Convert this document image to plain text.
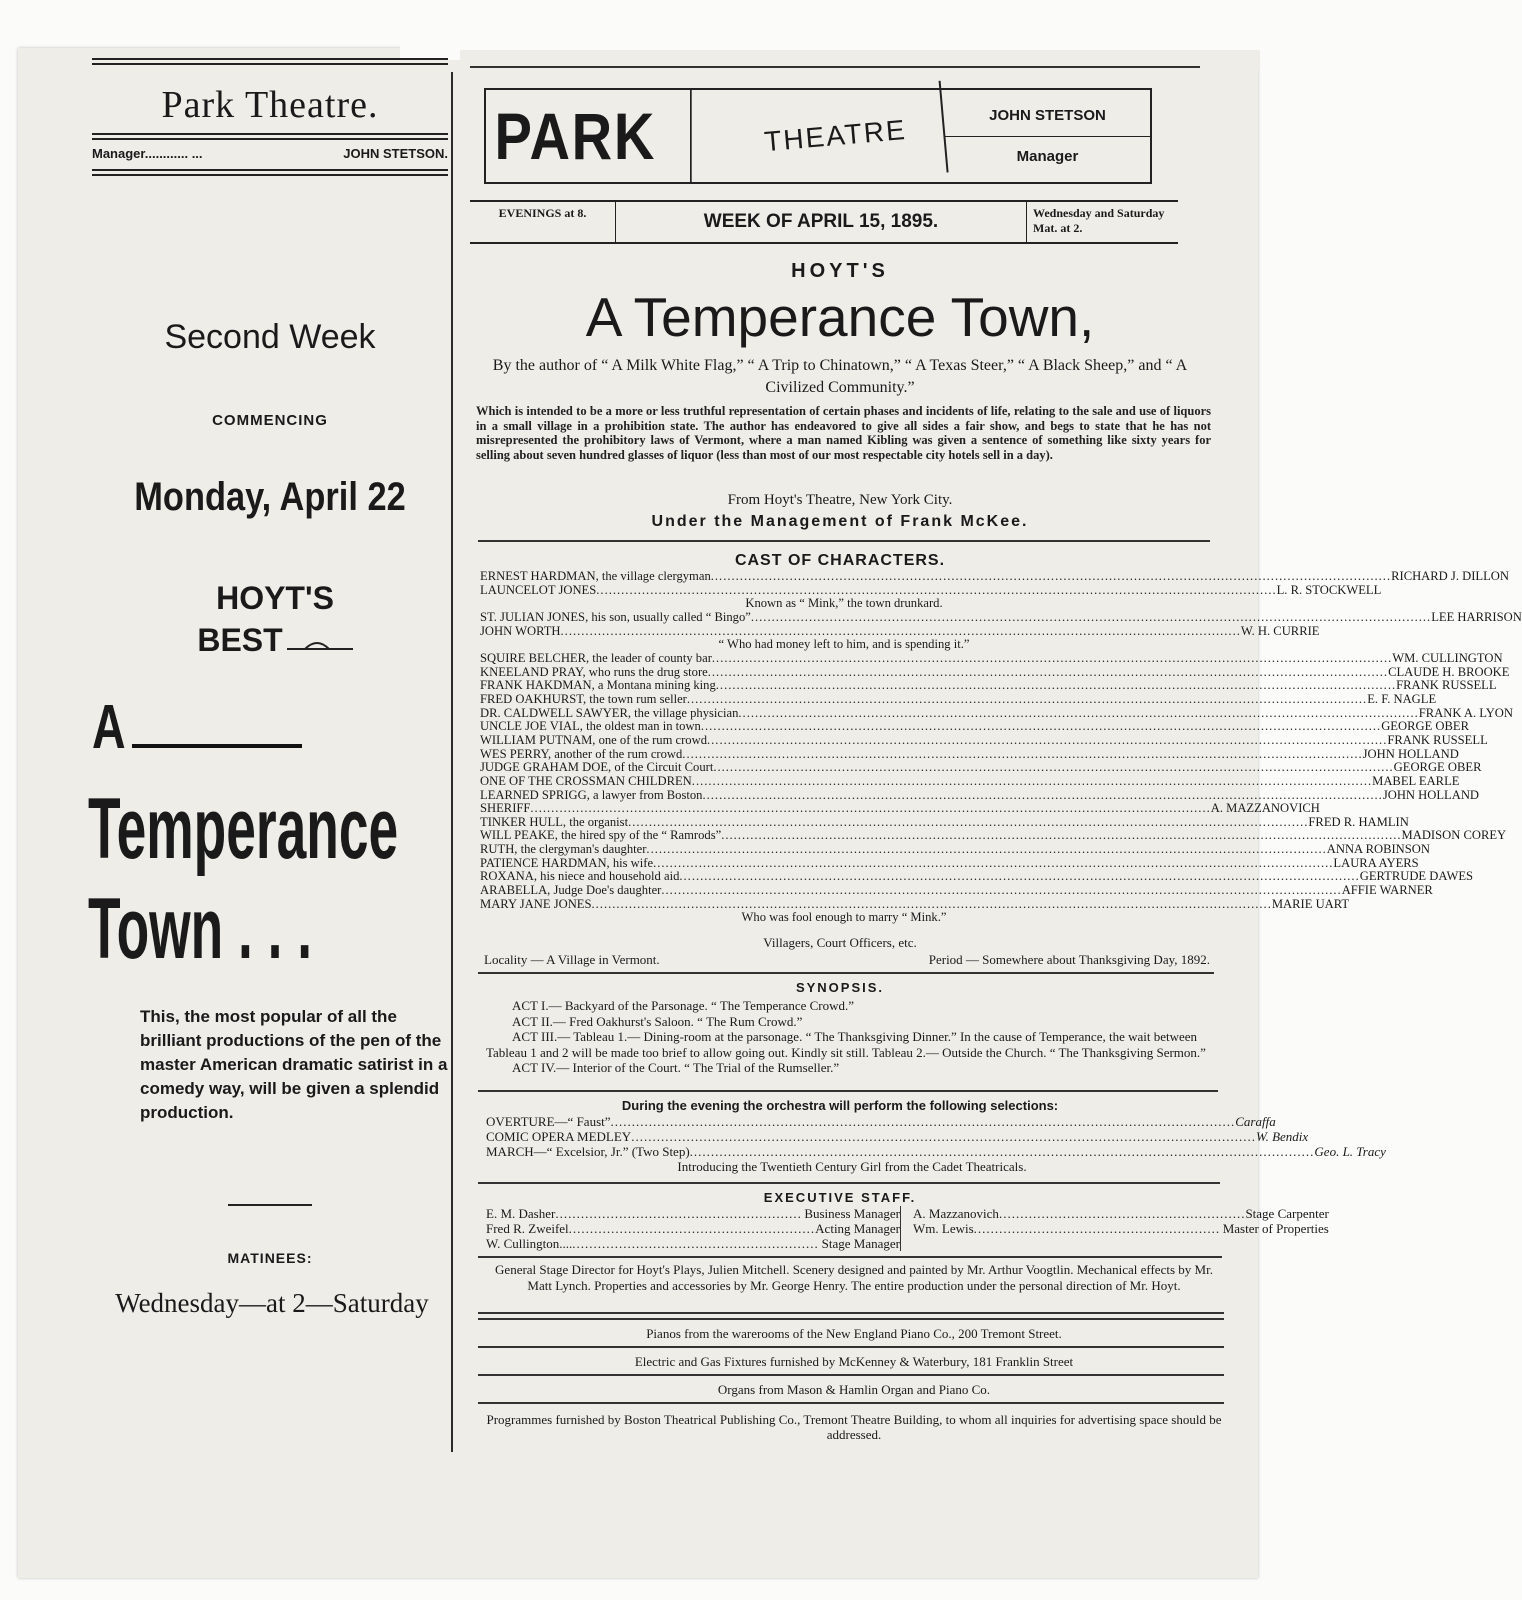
Park Theatre.
Manager............ ...	JOHN STETSON.
Second Week
COMMENCING
Monday, April 22
HOYT'S
BEST
A
Temperance
Town . . .
This, the most popular of all the brilliant productions of the pen of the master American dramatic satirist in a comedy way, will be given a splendid production.
MATINEES:
Wednesday—at 2—Saturday
PARK	THEATRE	JOHN STETSON
Manager
EVENINGS at 8.	WEEK OF APRIL 15, 1895.	Wednesday and Saturday Mat. at 2.
HOYT'S
A Temperance Town,
By the author of “ A Milk White Flag,” “ A Trip to Chinatown,” “ A Texas Steer,” “ A Black Sheep,” and “ A Civilized Community.”
Which is intended to be a more or less truthful representation of certain phases and incidents of life, relating to the sale and use of liquors in a small village in a prohibition state. The author has endeavored to give all sides a fair show, and begs to state that he has not misrepresented the prohibitory laws of Vermont, where a man named Kibling was given a sentence of something like sixty years for selling about seven hundred glasses of liquor (less than most of our most respectable city hotels sell in a day).
From Hoyt's Theatre, New York City.
Under the Management of Frank McKee.
CAST OF CHARACTERS.
ERNEST HARDMAN, the village clergyman .....	RICHARD J. DILLON
LAUNCELOT JONES .....	L. R. STOCKWELL
Known as “ Mink,” the town drunkard.
ST. JULIAN JONES, his son, usually called “ Bingo” .....	LEE HARRISON
JOHN WORTH .....	W. H. CURRIE
“ Who had money left to him, and is spending it.”
SQUIRE BELCHER, the leader of county bar .....	WM. CULLINGTON
KNEELAND PRAY, who runs the drug store .....	CLAUDE H. BROOKE
FRANK HAKDMAN, a Montana mining king .....	FRANK RUSSELL
FRED OAKHURST, the town rum seller .....	E. F. NAGLE
DR. CALDWELL SAWYER, the village physician .....	FRANK A. LYON
UNCLE JOE VIAL, the oldest man in town .....	GEORGE OBER
WILLIAM PUTNAM, one of the rum crowd .....	FRANK RUSSELL
WES PERRY, another of the rum crowd .....	JOHN HOLLAND
JUDGE GRAHAM DOE, of the Circuit Court .....	GEORGE OBER
ONE OF THE CROSSMAN CHILDREN .....	MABEL EARLE
LEARNED SPRIGG, a lawyer from Boston .....	JOHN HOLLAND
SHERIFF .....	A. MAZZANOVICH
TINKER HULL, the organist .....	FRED R. HAMLIN
WILL PEAKE, the hired spy of the “ Ramrods” .....	MADISON COREY
RUTH, the clergyman's daughter .....	ANNA ROBINSON
PATIENCE HARDMAN, his wife .....	LAURA AYERS
ROXANA, his niece and household aid .....	GERTRUDE DAWES
ARABELLA, Judge Doe's daughter .....	AFFIE WARNER
MARY JANE JONES .....	MARIE UART
Who was fool enough to marry “ Mink.”
Villagers, Court Officers, etc.
Locality — A Village in Vermont.	Period — Somewhere about Thanksgiving Day, 1892.
SYNOPSIS.
ACT I.— Backyard of the Parsonage. “ The Temperance Crowd.”
ACT II.— Fred Oakhurst's Saloon. “ The Rum Crowd.”
ACT III.— Tableau 1.— Dining-room at the parsonage. “ The Thanksgiving Dinner.” In the cause of Temperance, the wait between Tableau 1 and 2 will be made too brief to allow going out. Kindly sit still. Tableau 2.— Outside the Church. “ The Thanksgiving Sermon.”
ACT IV.— Interior of the Court. “ The Trial of the Rumseller.”
During the evening the orchestra will perform the following selections:
OVERTURE—“ Faust” .....	Caraffa
COMIC OPERA MEDLEY .....	W. Bendix
MARCH—“ Excelsior, Jr.” (Two Step) .....	Geo. L. Tracy
Introducing the Twentieth Century Girl from the Cadet Theatricals.
EXECUTIVE STAFF.
E. M. Dasher .....	Business Manager
Fred R. Zweifel .....	Acting Manager
W. Cullington.... .....	Stage Manager
A. Mazzanovich .....	Stage Carpenter
Wm. Lewis .....	Master of Properties
General Stage Director for Hoyt's Plays, Julien Mitchell. Scenery designed and painted by Mr. Arthur Voogtlin. Mechanical effects by Mr. Matt Lynch. Properties and accessories by Mr. George Henry. The entire production under the personal direction of Mr. Hoyt.
Pianos from the warerooms of the New England Piano Co., 200 Tremont Street.
Electric and Gas Fixtures furnished by McKenney & Waterbury, 181 Franklin Street
Organs from Mason & Hamlin Organ and Piano Co.
Programmes furnished by Boston Theatrical Publishing Co., Tremont Theatre Building, to whom all inquiries for advertising space should be addressed.
